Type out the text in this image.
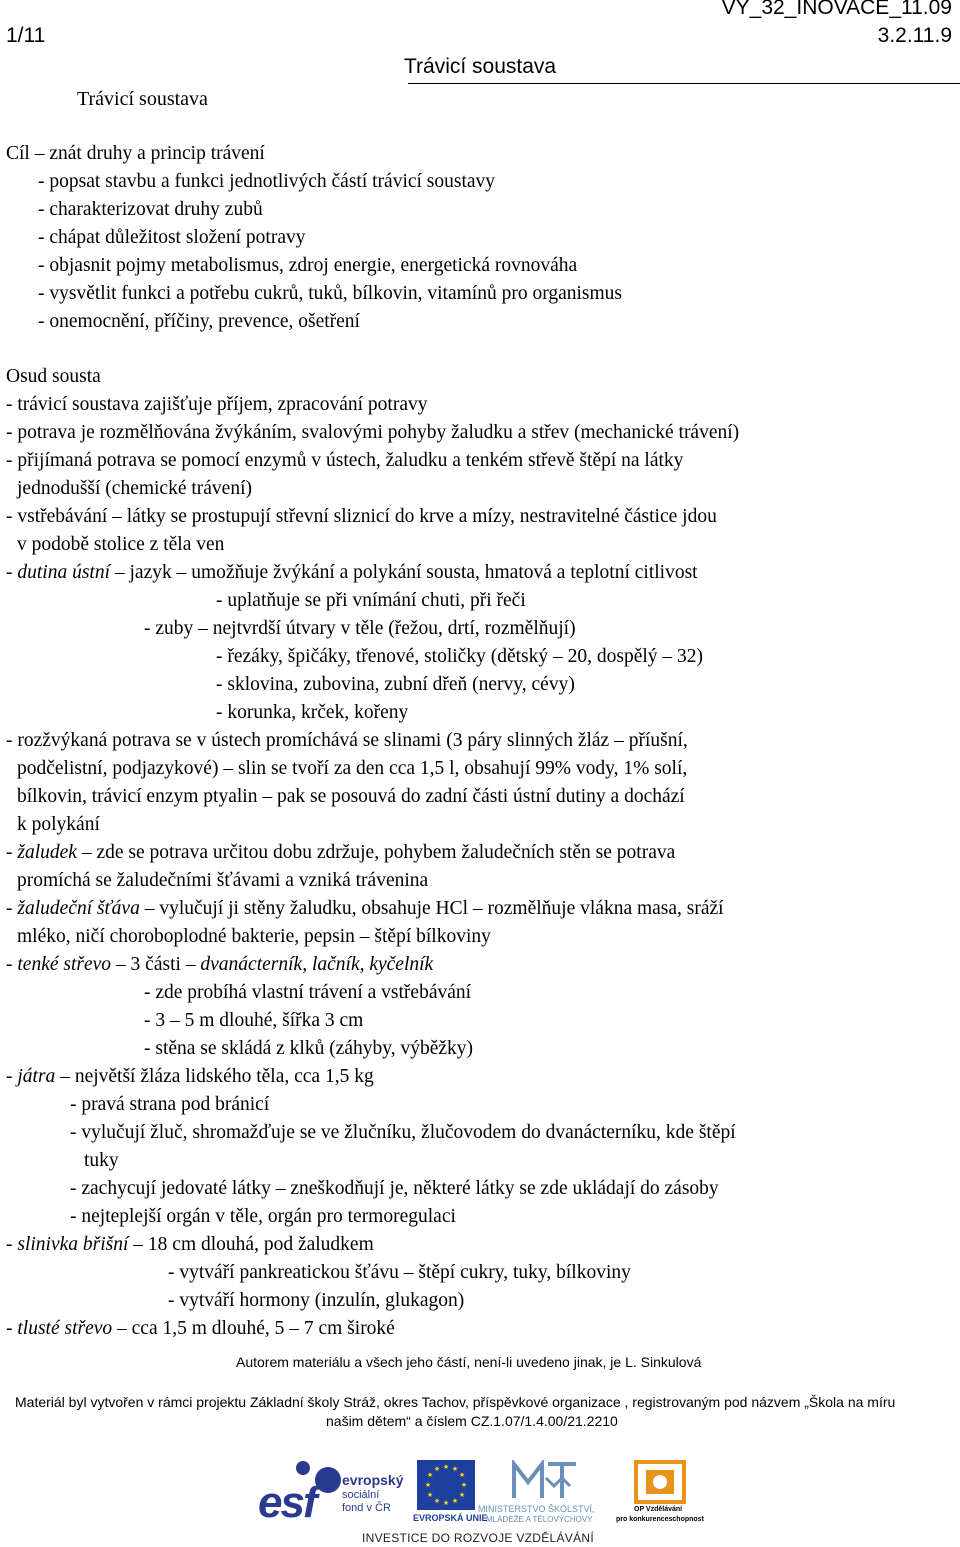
1/11
VY_32_INOVACE_11.09
3.2.11.9
Trávicí soustava
Trávicí soustava
Cíl – znát druhy a princip trávení
- popsat stavbu a funkci jednotlivých částí trávicí soustavy
- charakterizovat druhy zubů
- chápat důležitost složení potravy
- objasnit pojmy metabolismus, zdroj energie, energetická rovnováha
- vysvětlit funkci a potřebu cukrů, tuků, bílkovin, vitamínů pro organismus
- onemocnění, příčiny, prevence, ošetření
Osud sousta
- trávicí soustava zajišťuje příjem, zpracování potravy
- potrava je rozmělňována žvýkáním, svalovými pohyby žaludku a střev (mechanické trávení)
- přijímaná potrava se pomocí enzymů v ústech, žaludku a tenkém střevě štěpí na látky
jednodušší (chemické trávení)
- vstřebávání – látky se prostupují střevní sliznicí do krve a mízy, nestravitelné částice jdou
v podobě stolice z těla ven
- dutina ústní – jazyk – umožňuje žvýkání a polykání sousta, hmatová a teplotní citlivost
- uplatňuje se při vnímání chuti, při řeči
- zuby – nejtvrdší útvary v těle (řežou, drtí, rozmělňují)
- řezáky, špičáky, třenové, stoličky (dětský – 20, dospělý – 32)
- sklovina, zubovina, zubní dřeň (nervy, cévy)
- korunka, krček, kořeny
- rozžvýkaná potrava se v ústech promíchává se slinami (3 páry slinných žláz – příušní,
podčelistní, podjazykové) – slin se tvoří za den cca 1,5 l, obsahují 99% vody, 1% solí,
bílkovin, trávicí enzym ptyalin – pak se posouvá do zadní části ústní dutiny a dochází
k polykání
- žaludek – zde se potrava určitou dobu zdržuje, pohybem žaludečních stěn se potrava
promíchá se žaludečními šťávami a vzniká trávenina
- žaludeční šťáva – vylučují ji stěny žaludku, obsahuje HCl – rozmělňuje vlákna masa, sráží
mléko, ničí choroboplodné bakterie, pepsin – štěpí bílkoviny
- tenké střevo – 3 části – dvanácterník, lačník, kyčelník
- zde probíhá vlastní trávení a vstřebávání
- 3 – 5 m dlouhé, šířka 3 cm
- stěna se skládá z klků (záhyby, výběžky)
- játra – největší žláza lidského těla, cca 1,5 kg
- pravá strana pod bránicí
- vylučují žluč, shromažďuje se ve žlučníku, žlučovodem do dvanácterníku, kde štěpí
tuky
- zachycují jedovaté látky – zneškodňují je, některé látky se zde ukládají do zásoby
- nejteplejší orgán v těle, orgán pro termoregulaci
- slinivka břišní – 18 cm dlouhá, pod žaludkem
- vytváří pankreatickou šťávu – štěpí cukry, tuky, bílkoviny
- vytváří hormony (inzulín, glukagon)
- tlusté střevo – cca 1,5 m dlouhé, 5 – 7 cm široké
Autorem materiálu a všech jeho částí, není-li uvedeno jinak, je L. Sinkulová
Materiál byl vytvořen v rámci projektu Základní školy Stráž, okres Tachov, příspěvkové organizace , registrovaným pod názvem „Škola na míru
našim dětem“ a číslem CZ.1.07/1.4.00/21.2210
esf evropský
sociální
fond v ČR
★ ★
★
★
★
★
★
★
★
★
★
★
EVROPSKÁ UNIE
MINISTERSTVO ŠKOLSTVÍ,
MLÁDEŽE A TĚLOVÝCHOVY
OP Vzdělávání
pro konkurenceschopnost
INVESTICE DO ROZVOJE VZDĚLÁVÁNÍ
